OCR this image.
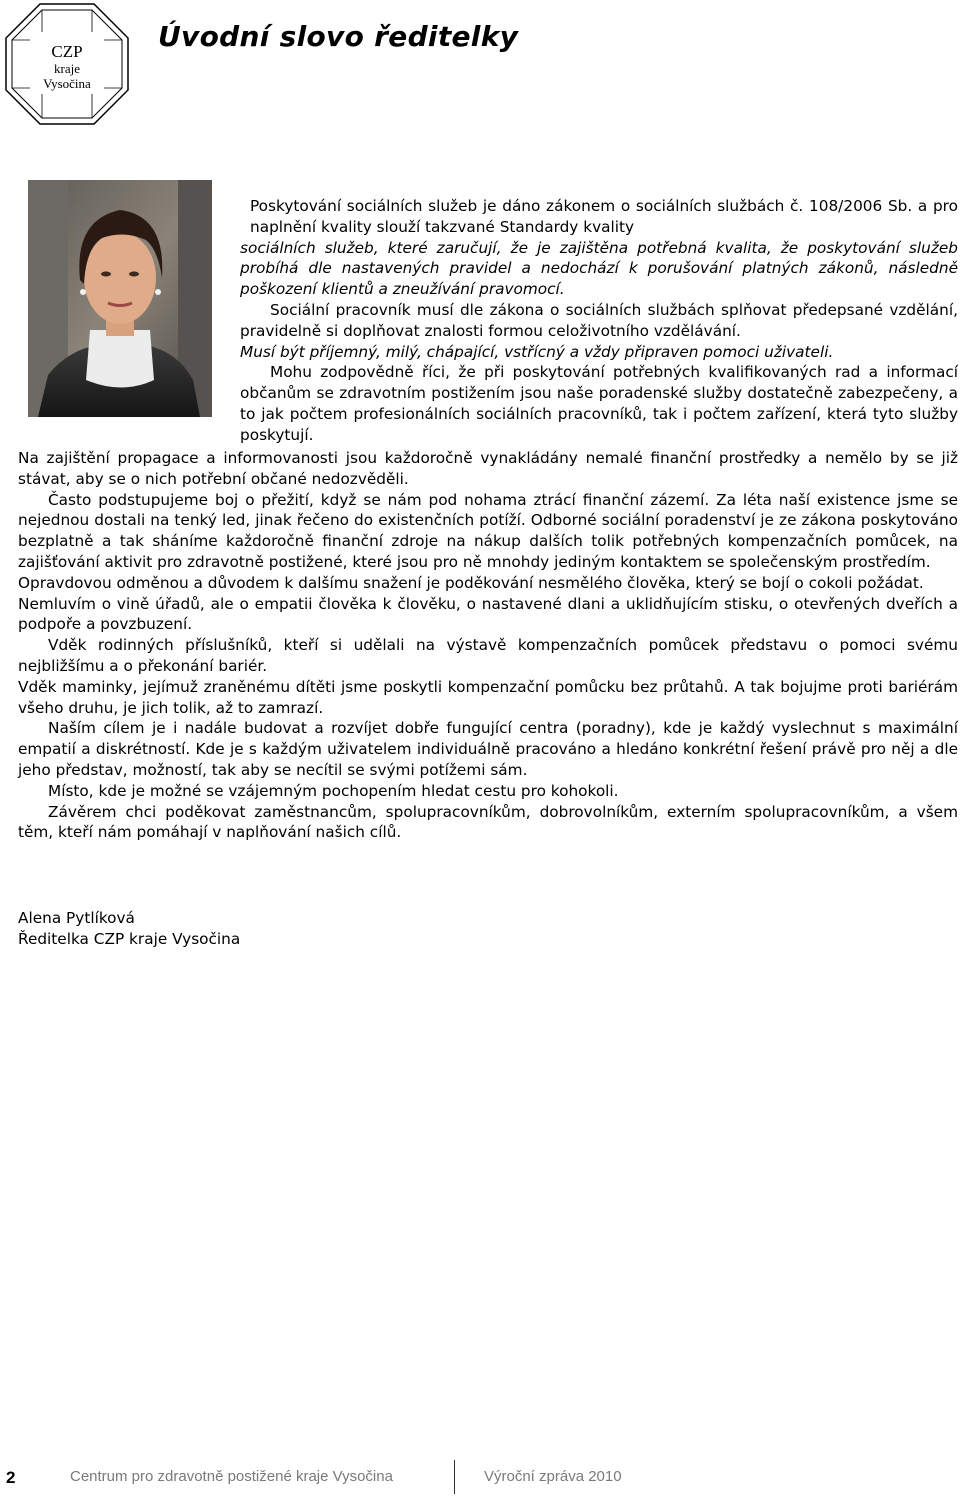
CZP
kraje
Vysočina
Úvodní slovo ředitelky

Poskytování sociálních služeb je dáno zákonem o sociálních službách č. 108/2006 Sb. a pro naplnění kvality slouží takzvané Standardy kvality

sociálních služeb, které zaručují, že je zajištěna potřebná kvalita, že poskytování služeb probíhá dle nastavených pravidel a nedochází k porušování platných zákonů, následně poškození klientů a zneužívání pravomocí.

Sociální pracovník musí dle zákona o sociálních službách splňovat předepsané vzdělání, pravidelně si doplňovat znalosti formou celoživotního vzdělávání.

Musí být příjemný, milý, chápající, vstřícný a vždy připraven pomoci uživateli.

Mohu zodpovědně říci, že při poskytování potřebných kvalifikovaných rad a informací občanům se zdravotním postižením jsou naše poradenské služby dostatečně zabezpečeny, a to jak počtem profesionálních sociálních pracovníků, tak i počtem zařízení, která tyto služby poskytují.

Na zajištění propagace a informovanosti jsou každoročně vynakládány nemalé finanční prostředky a nemělo by se již stávat, aby se o nich potřební občané nedozvěděli.

Často podstupujeme boj o přežití, když se nám pod nohama ztrácí finanční zázemí. Za léta naší existence jsme se nejednou dostali na tenký led, jinak řečeno do existenčních potíží. Odborné sociální poradenství je ze zákona poskytováno bezplatně a tak sháníme každoročně finanční zdroje na nákup dalších tolik potřebných kompenzačních pomůcek, na zajišťování aktivit pro zdravotně postižené, které jsou pro ně mnohdy jediným kontaktem se společenským prostředím.

Opravdovou odměnou a důvodem k dalšímu snažení je poděkování nesmělého člověka, který se bojí o cokoli požádat.

Nemluvím o vině úřadů, ale o empatii člověka k člověku, o nastavené dlani a uklidňujícím stisku, o otevřených dveřích a podpoře a povzbuzení.

Vděk rodinných příslušníků, kteří si udělali na výstavě kompenzačních pomůcek představu o pomoci svému nejbližšímu a o překonání bariér.

Vděk maminky, jejímuž zraněnému dítěti jsme poskytli kompenzační pomůcku bez průtahů. A tak bojujme proti bariérám všeho druhu, je jich tolik, až to zamrazí.

Naším cílem je i nadále budovat a rozvíjet dobře fungující centra (poradny), kde je každý vyslechnut s maximální empatií a diskrétností. Kde je s každým uživatelem individuálně pracováno a hledáno konkrétní řešení právě pro něj a dle jeho představ, možností, tak aby se necítil se svými potížemi sám.

Místo, kde je možné se vzájemným pochopením hledat cestu pro kohokoli.

Závěrem chci poděkovat zaměstnancům, spolupracovníkům, dobrovolníkům, externím spolupracovníkům, a všem těm, kteří nám pomáhají v naplňování našich cílů.

Alena Pytlíková
Ředitelka CZP kraje Vysočina
2	Centrum pro zdravotně postižené kraje Vysočina	Výroční zpráva 2010
